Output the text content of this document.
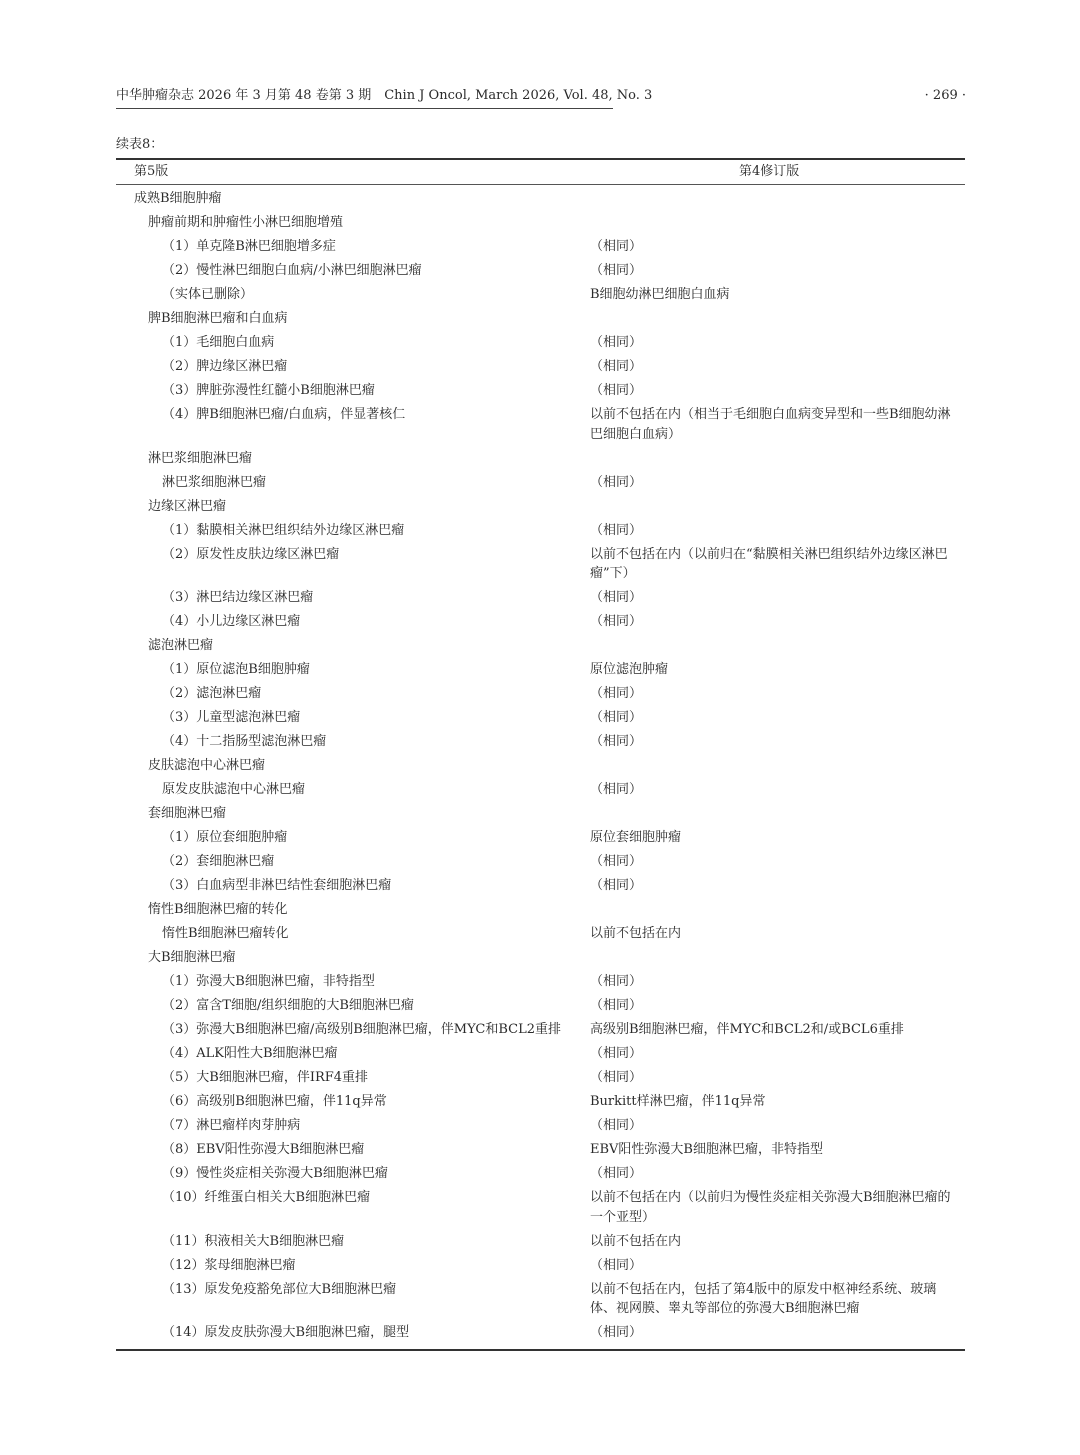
中华肿瘤杂志 2026 年 3 月第 48 卷第 3 期　Chin J Oncol, March 2026, Vol. 48, No. 3	· 269 ·
续表8：
第5版	第4修订版
成熟B细胞肿瘤
肿瘤前期和肿瘤性小淋巴细胞增殖
（1）单克隆B淋巴细胞增多症	（相同）
（2）慢性淋巴细胞白血病/小淋巴细胞淋巴瘤	（相同）
（实体已删除）	B细胞幼淋巴细胞白血病
脾B细胞淋巴瘤和白血病
（1）毛细胞白血病	（相同）
（2）脾边缘区淋巴瘤	（相同）
（3）脾脏弥漫性红髓小B细胞淋巴瘤	（相同）
（4）脾B细胞淋巴瘤/白血病，伴显著核仁	以前不包括在内（相当于毛细胞白血病变异型和一些B细胞幼淋巴细胞白血病）
淋巴浆细胞淋巴瘤
淋巴浆细胞淋巴瘤	（相同）
边缘区淋巴瘤
（1）黏膜相关淋巴组织结外边缘区淋巴瘤	（相同）
（2）原发性皮肤边缘区淋巴瘤	以前不包括在内（以前归在“黏膜相关淋巴组织结外边缘区淋巴瘤”下）
（3）淋巴结边缘区淋巴瘤	（相同）
（4）小儿边缘区淋巴瘤	（相同）
滤泡淋巴瘤
（1）原位滤泡B细胞肿瘤	原位滤泡肿瘤
（2）滤泡淋巴瘤	（相同）
（3）儿童型滤泡淋巴瘤	（相同）
（4）十二指肠型滤泡淋巴瘤	（相同）
皮肤滤泡中心淋巴瘤
原发皮肤滤泡中心淋巴瘤	（相同）
套细胞淋巴瘤
（1）原位套细胞肿瘤	原位套细胞肿瘤
（2）套细胞淋巴瘤	（相同）
（3）白血病型非淋巴结性套细胞淋巴瘤	（相同）
惰性B细胞淋巴瘤的转化
惰性B细胞淋巴瘤转化	以前不包括在内
大B细胞淋巴瘤
（1）弥漫大B细胞淋巴瘤，非特指型	（相同）
（2）富含T细胞/组织细胞的大B细胞淋巴瘤	（相同）
（3）弥漫大B细胞淋巴瘤/高级别B细胞淋巴瘤，伴MYC和BCL2重排	高级别B细胞淋巴瘤，伴MYC和BCL2和/或BCL6重排
（4）ALK阳性大B细胞淋巴瘤	（相同）
（5）大B细胞淋巴瘤，伴IRF4重排	（相同）
（6）高级别B细胞淋巴瘤，伴11q异常	Burkitt样淋巴瘤，伴11q异常
（7）淋巴瘤样肉芽肿病	（相同）
（8）EBV阳性弥漫大B细胞淋巴瘤	EBV阳性弥漫大B细胞淋巴瘤，非特指型
（9）慢性炎症相关弥漫大B细胞淋巴瘤	（相同）
（10）纤维蛋白相关大B细胞淋巴瘤	以前不包括在内（以前归为慢性炎症相关弥漫大B细胞淋巴瘤的一个亚型）
（11）积液相关大B细胞淋巴瘤	以前不包括在内
（12）浆母细胞淋巴瘤	（相同）
（13）原发免疫豁免部位大B细胞淋巴瘤	以前不包括在内，包括了第4版中的原发中枢神经系统、玻璃体、视网膜、睾丸等部位的弥漫大B细胞淋巴瘤
（14）原发皮肤弥漫大B细胞淋巴瘤，腿型	（相同）
